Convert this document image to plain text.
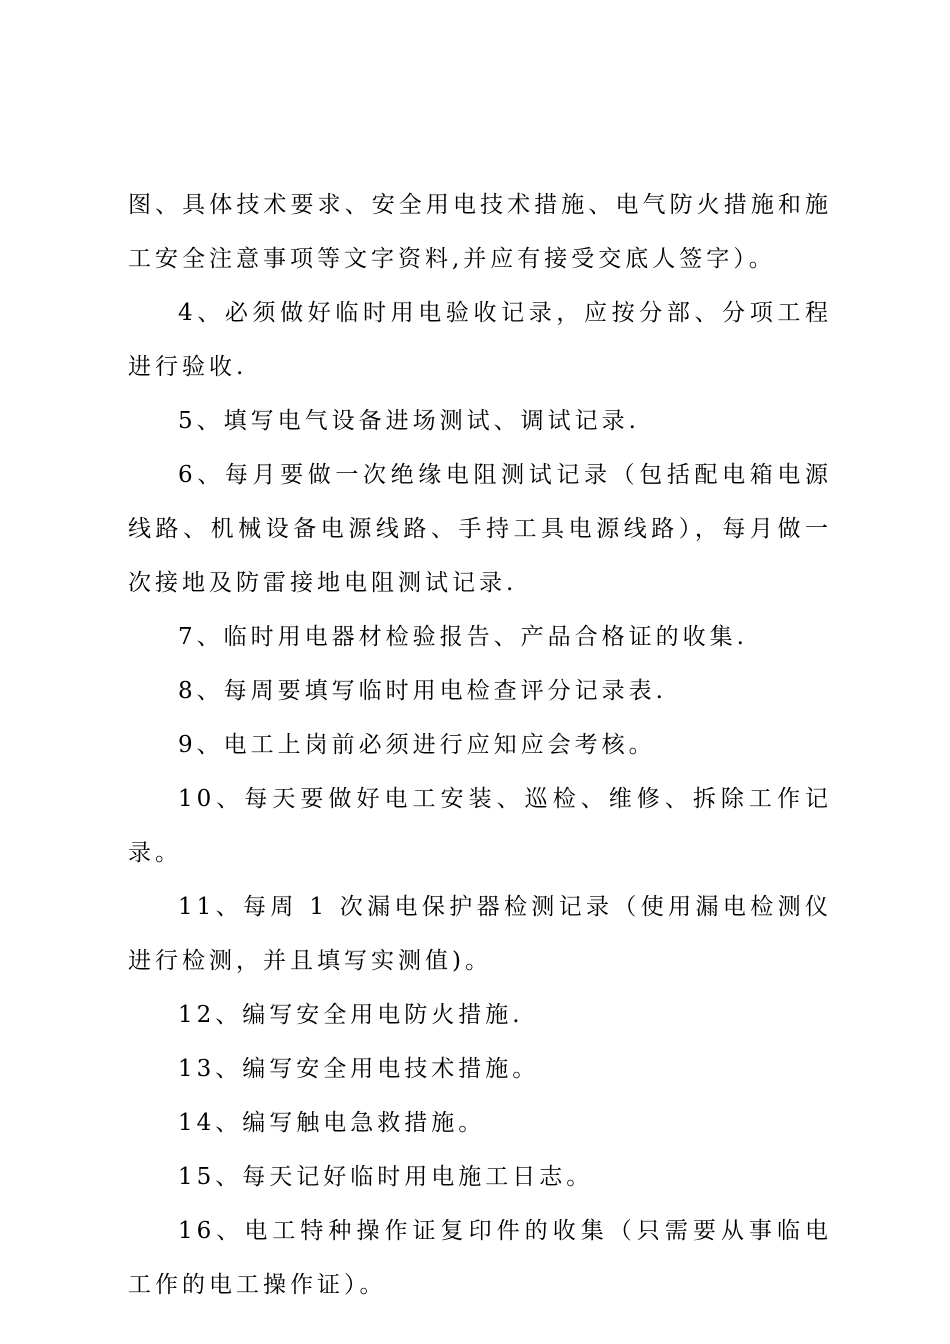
图、具体技术要求、安全用电技术措施、电气防火措施和施工安全注意事项等文字资料,并应有接受交底人签字）。

4、必须做好临时用电验收记录，应按分部、分项工程进行验收.

5、填写电气设备进场测试、调试记录.

6、每月要做一次绝缘电阻测试记录（包括配电箱电源线路、机械设备电源线路、手持工具电源线路），每月做一次接地及防雷接地电阻测试记录.

7、临时用电器材检验报告、产品合格证的收集.

8、每周要填写临时用电检查评分记录表.

9、电工上岗前必须进行应知应会考核。

10、每天要做好电工安装、巡检、维修、拆除工作记录。

11、每周 1 次漏电保护器检测记录（使用漏电检测仪进行检测，并且填写实测值)。

12、编写安全用电防火措施.

13、编写安全用电技术措施。

14、编写触电急救措施。

15、每天记好临时用电施工日志。

16、电工特种操作证复印件的收集（只需要从事临电工作的电工操作证）。
